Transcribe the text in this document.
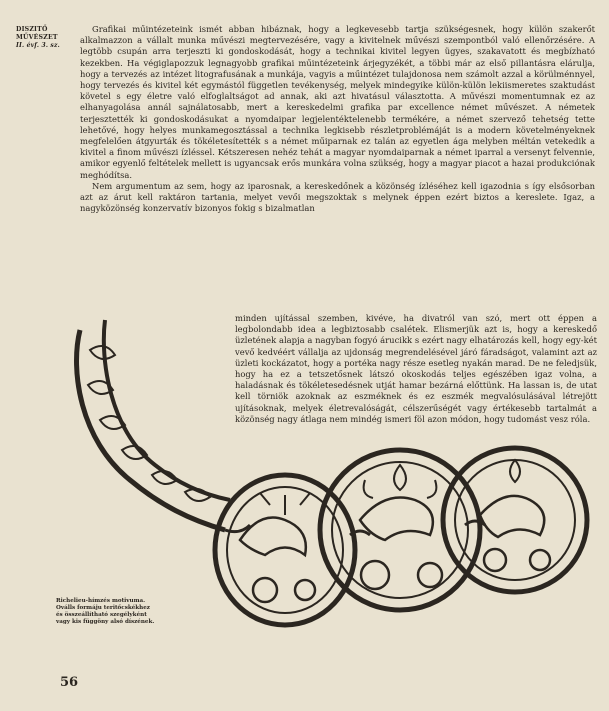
DISZITŐ
MŰVÉSZET
II. évf. 3. sz.

Grafikai műintézeteink ismét abban hibáznak, hogy a legkevesebb tartja szükségesnek, hogy külön szakerőt alkalmazzon a vállalt munka művészi megtervezésére, vagy a kivitelnek művészi szempontból való ellenőrzésére. A legtöbb csupán arra terjeszti ki gondoskodását, hogy a technikai kivitel legyen ügyes, szakavatott és megbízható kezekben. Ha végiglapozzuk legnagyobb grafikai műintézeteink árjegyzékét, a többi már az első pillantásra elárulja, hogy a tervezés az intézet litografusának a munkája, vagyis a műintézet tulajdonosa nem számolt azzal a körülménnyel, hogy tervezés és kivitel két egymástól független tevékenység, melyek mindegyike külön-külön lekiismeretes szaktudást követel s egy életre való elfoglaltságot ad annak, aki azt hivatásul választotta. A művészi momentumnak ez az elhanyagolása annál sajnálatosabb, mert a kereskedelmi grafika par excellence német művészet. A németek terjesztették ki gondoskodásukat a nyomdaipar legjelentéktelenebb termékére, a német szervező tehetség tette lehetővé, hogy helyes munkamegosztással a technika legkisebb részletproblémáját is a modern követelményeknek megfelelően átgyurták és tökéletesítették s a német műiparnak ez talán az egyetlen ága melyben méltán vetekedik a kivitel a finom művészi ízléssel. Kétszeresen nehéz tehát a magyar nyomdaiparnak a német iparral a versenyt felvennie, amikor egyenlő feltételek mellett is ugyancsak erős munkára volna szükség, hogy a magyar piacot a hazai produkciónak meghódítsa.

Nem argumentum az sem, hogy az iparosnak, a kereskedőnek a közönség ízléséhez kell igazodnia s így elsősorban azt az árut kell raktáron tartania, melyet vevői megszoktak s melynek éppen ezért biztos a kereslete. Igaz, a nagyközönség konzervatív bizonyos fokig s bizalmatlan

minden ujítással szemben, kivéve, ha divatról van szó, mert ott éppen a legbolondabb idea a legbiztosabb csalétek. Elismerjük azt is, hogy a kereskedő üzletének alapja a nagyban fogyó árucikk s ezért nagy elhatározás kell, hogy egy-két vevő kedvéért vállalja az ujdonság megrendelésével járó fáradságot, valamint azt az üzleti kockázatot, hogy a portéka nagy része esetleg nyakán marad. De ne feledjsük, hogy ha ez a tetszetősnek látszó okoskodás teljes egészében igaz volna, a haladásnak és tökéletesedésnek utját hamar bezárná előttünk. Ha lassan is, de utat kell törniök azoknak az eszméknek és ez eszmék megvalósulásával létrejött ujításoknak, melyek életrevalóságát, célszerűségét vagy értékesebb tartalmát a közönség nagy átlaga nem mindég ismeri föl azon módon, hogy tudomást vesz róla.

Richelieu-hímzés motivuma. Oválls formáju teritőcskékhez és összeállítható szegélyként vagy kis függöny alsó díszének.
56
